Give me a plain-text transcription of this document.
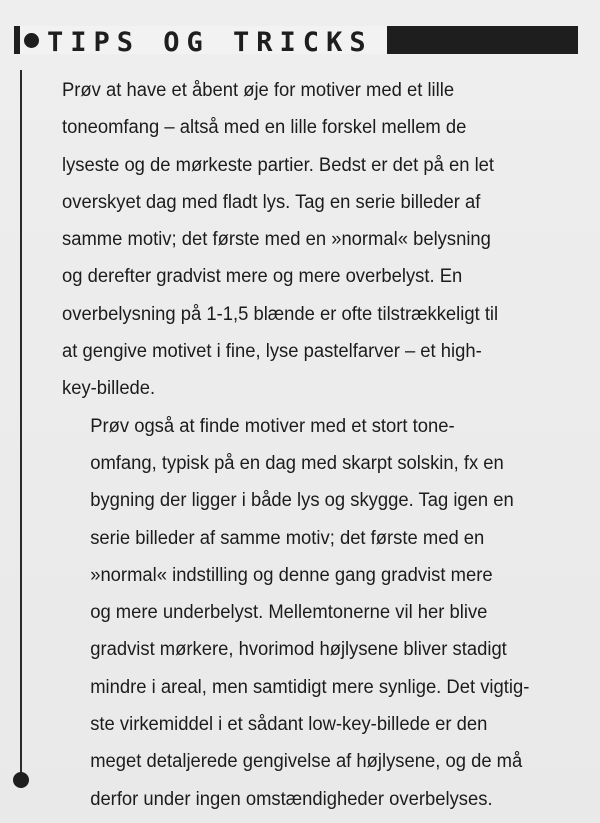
TIPS OG TRICKS

Prøv at have et åbent øje for motiver med et lille
toneomfang – altså med en lille forskel mellem de
lyseste og de mørkeste partier. Bedst er det på en let
overskyet dag med fladt lys. Tag en serie billeder af
samme motiv; det første med en »normal« belysning
og derefter gradvist mere og mere overbelyst. En
overbelysning på 1-1,5 blænde er ofte tilstrækkeligt til
at gengive motivet i fine, lyse pastelfarver – et high-
key-billede.

Prøv også at finde motiver med et stort tone-
omfang, typisk på en dag med skarpt solskin, fx en
bygning der ligger i både lys og skygge. Tag igen en
serie billeder af samme motiv; det første med en
»normal« indstilling og denne gang gradvist mere
og mere underbelyst. Mellemtonerne vil her blive
gradvist mørkere, hvorimod højlysene bliver stadigt
mindre i areal, men samtidigt mere synlige. Det vigtig-
ste virkemiddel i et sådant low-key-billede er den
meget detaljerede gengivelse af højlysene, og de må
derfor under ingen omstændigheder overbelyses.
